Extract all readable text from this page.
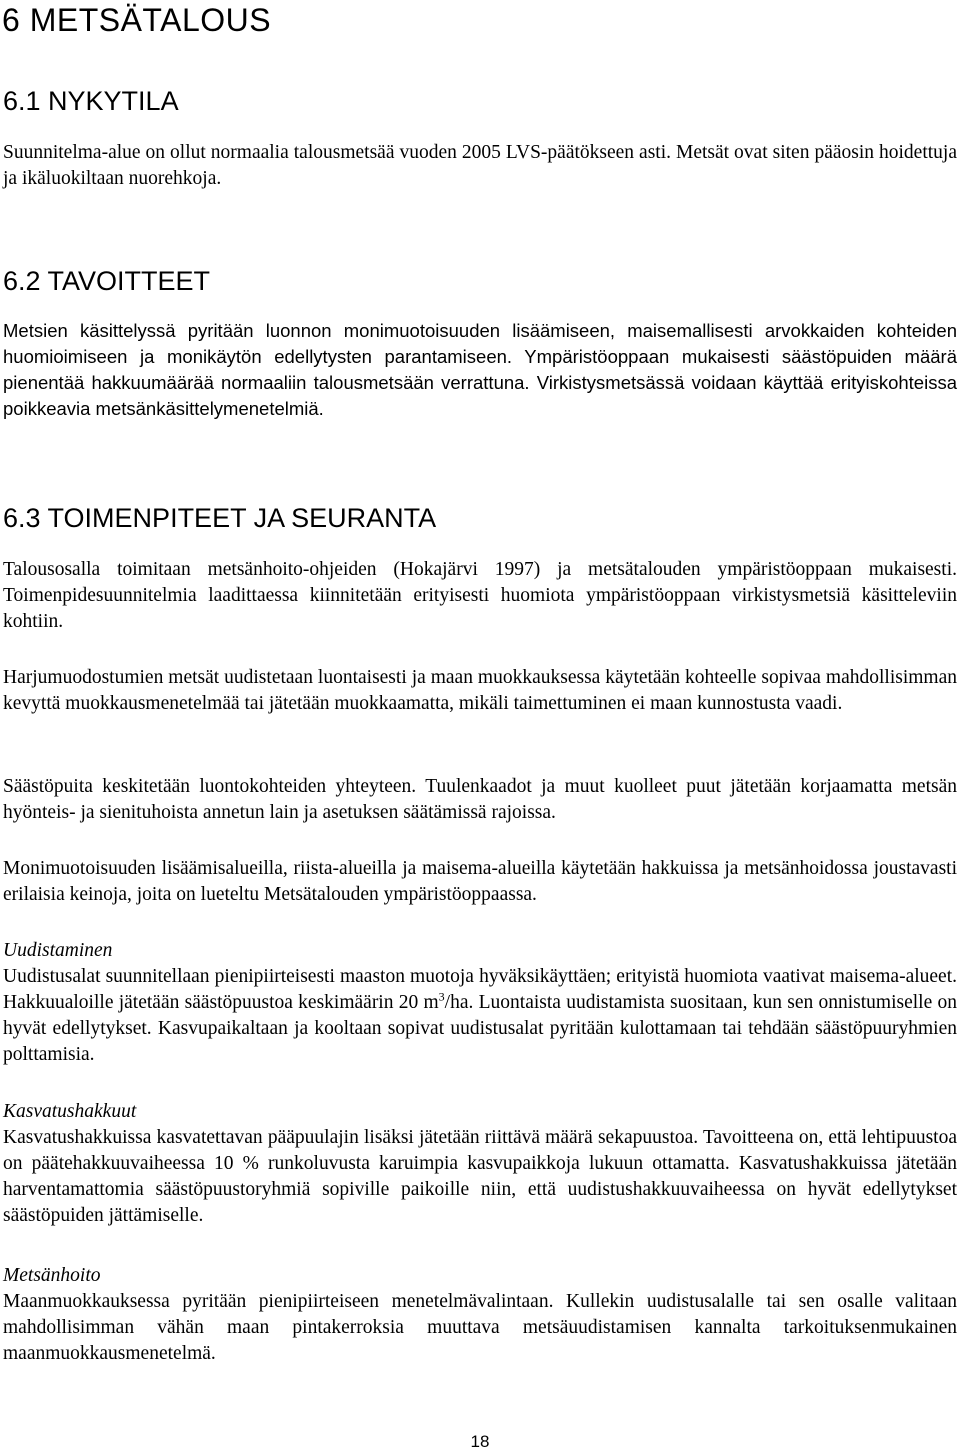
6 METSÄTALOUS
6.1 NYKYTILA

Suunnitelma-alue on ollut normaalia talousmetsää vuoden 2005 LVS-päätökseen asti. Metsät ovat siten pääosin hoidettuja ja ikäluokiltaan nuorehkoja.

6.2 TAVOITTEET

Metsien käsittelyssä pyritään luonnon monimuotoisuuden lisäämiseen, maisemallisesti arvokkaiden kohteiden huomioimiseen ja monikäytön edellytysten parantamiseen. Ympäristöoppaan mukaisesti säästöpuiden määrä pienentää hakkuumäärää normaaliin talousmetsään verrattuna. Virkistysmetsässä voidaan käyttää erityiskohteissa poikkeavia metsänkäsittelymenetelmiä.

6.3 TOIMENPITEET JA SEURANTA

Talousosalla toimitaan metsänhoito-ohjeiden (Hokajärvi 1997) ja metsätalouden ympäristöoppaan mukaisesti. Toimenpidesuunnitelmia laadittaessa kiinnitetään erityisesti huomiota ympäristöoppaan virkistysmetsiä käsitteleviin kohtiin.

Harjumuodostumien metsät uudistetaan luontaisesti ja maan muokkauksessa käytetään kohteelle sopivaa mahdollisimman kevyttä muokkausmenetelmää tai jätetään muokkaamatta, mikäli taimettuminen ei maan kunnostusta vaadi.

Säästöpuita keskitetään luontokohteiden yhteyteen. Tuulenkaadot ja muut kuolleet puut jätetään korjaamatta metsän hyönteis- ja sienituhoista annetun lain ja asetuksen säätämissä rajoissa.

Monimuotoisuuden lisäämisalueilla, riista-alueilla ja maisema-alueilla käytetään hakkuissa ja metsänhoidossa joustavasti erilaisia keinoja, joita on lueteltu Metsätalouden ympäristöoppaassa.

Uudistaminen
Uudistusalat suunnitellaan pienipiirteisesti maaston muotoja hyväksikäyttäen; erityistä huomiota vaativat maisema-alueet. Hakkuualoille jätetään säästöpuustoa keskimäärin 20 $m^3/ha$. Luontaista uudistamista suositaan, kun sen onnistumiselle on hyvät edellytykset. Kasvupaikaltaan ja kooltaan sopivat uudistusalat pyritään kulottamaan tai tehdään säästöpuuryhmien polttamisia.
Kasvatushakkuut
Kasvatushakkuissa kasvatettavan pääpuulajin lisäksi jätetään riittävä määrä sekapuustoa. Tavoitteena on, että lehtipuustoa on päätehakkuuvaiheessa 10 % runkoluvusta karuimpia kasvupaikkoja lukuun ottamatta. Kasvatushakkuissa jätetään harventamattomia säästöpuustoryhmiä sopiville paikoille niin, että uudistushakkuuvaiheessa on hyvät edellytykset säästöpuiden jättämiselle.
Metsänhoito
Maanmuokkauksessa pyritään pienipiirteiseen menetelmävalintaan. Kullekin uudistusalalle tai sen osalle valitaan mahdollisimman vähän maan pintakerroksia muuttava metsäuudistamisen kannalta tarkoituksenmukainen maanmuokkausmenetelmä.
18
